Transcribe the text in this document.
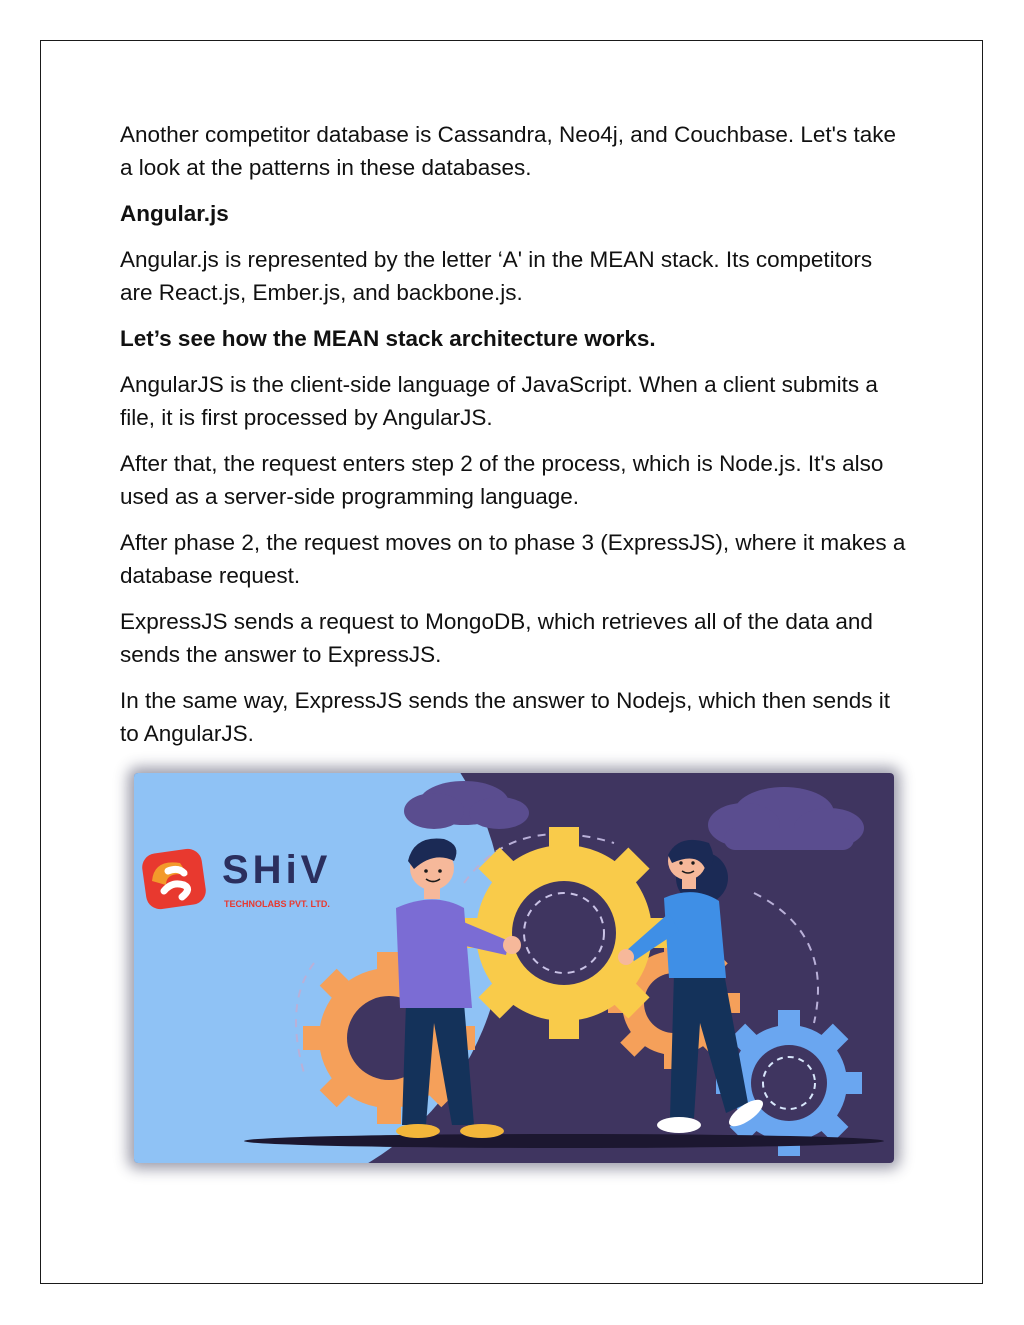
Another competitor database is Cassandra, Neo4j, and Couchbase. Let's take a look at the patterns in these databases.

Angular.js

Angular.js is represented by the letter ‘A' in the MEAN stack. Its competitors are React.js, Ember.js, and backbone.js.

Let’s see how the MEAN stack architecture works.

AngularJS is the client-side language of JavaScript. When a client submits a file, it is first processed by AngularJS.

After that, the request enters step 2 of the process, which is Node.js. It's also used as a server-side programming language.

After phase 2, the request moves on to phase 3 (ExpressJS), where it makes a database request.

ExpressJS sends a request to MongoDB, which retrieves all of the data and sends the answer to ExpressJS.

In the same way, ExpressJS sends the answer to Nodejs, which then sends it to AngularJS.

SHiV
TECHNOLABS PVT. LTD.
